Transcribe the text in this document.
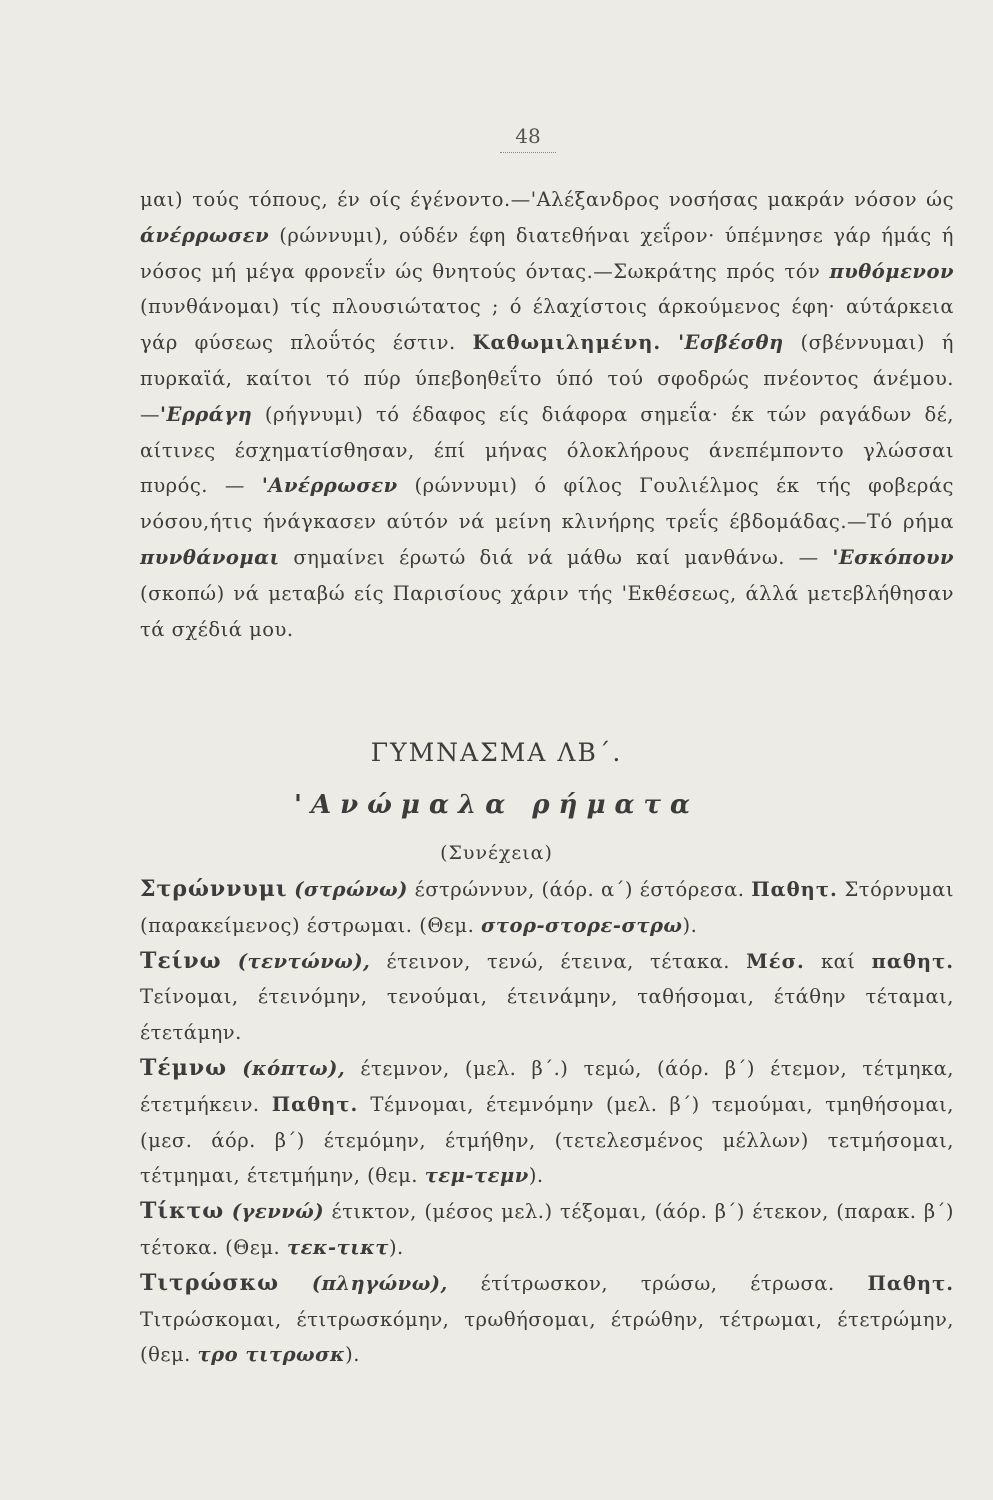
48

μαι) τούς τόπους, έν οίς έγένοντο.—'Αλέξανδρος νοσήσας μακράν νόσον ώς άνέρρωσεν (ρώννυμι), ούδέν έφη διατεθήναι χεΐρον· ύπέμνησε γάρ ήμάς ή νόσος μή μέγα φρονεΐν ώς θνητούς όντας.—Σωκράτης πρός τόν πυθόμενον (πυνθάνομαι) τίς πλουσιώτατος ; ό έλαχίστοις άρκούμενος έφη· αύτάρκεια γάρ φύσεως πλοΰτός έστιν. Καθωμιλημένη. 'Εσβέσθη (σβέννυμαι) ή πυρκαϊά, καίτοι τό πύρ ύπεβοηθεΐτο ύπό τού σφοδρώς πνέοντος άνέμου.—'Ερράγη (ρήγνυμι) τό έδαφος είς διάφορα σημεΐα· έκ τών ραγάδων δέ, αίτινες έσχηματίσθησαν, έπί μήνας όλοκλήρους άνεπέμποντο γλώσσαι πυρός. — 'Ανέρρωσεν (ρώννυμι) ό φίλος Γουλιέλμος έκ τής φοβεράς νόσου,ήτις ήνάγκασεν αύτόν νά μείνη κλινήρης τρεΐς έβδομάδας.—Τό ρήμα πυνθάνομαι σημαίνει έρωτώ διά νά μάθω καί μανθάνω. — 'Εσκόπουν (σκοπώ) νά μεταβώ είς Παρισίους χάριν τής 'Εκθέσεως, άλλά μετεβλήθησαν τά σχέδιά μου.

ΓΥΜΝΑΣΜΑ ΛΒ΄.
'Ανώμαλα ρήματα
(Συνέχεια)

Στρώννυμι (στρώνω) έστρώννυν, (άόρ. α΄) έστόρεσα. Παθητ. Στόρνυμαι (παρακείμενος) έστρωμαι. (Θεμ. στορ-στορε-στρω).
Τείνω (τεντώνω), έτεινον, τενώ, έτεινα, τέτακα. Μέσ. καί παθητ. Τείνομαι, έτεινόμην, τενούμαι, έτεινάμην, ταθήσομαι, έτάθην τέταμαι, έτετάμην.
Τέμνω (κόπτω), έτεμνον, (μελ. β΄.) τεμώ, (άόρ. β΄) έτεμον, τέτμηκα, έτετμήκειν. Παθητ. Τέμνομαι, έτεμνόμην (μελ. β΄) τεμούμαι, τμηθήσομαι, (μεσ. άόρ. β΄) έτεμόμην, έτμήθην, (τετελεσμένος μέλλων) τετμήσομαι, τέτμημαι, έτετμήμην, (θεμ. τεμ-τεμν).
Τίκτω (γεννώ) έτικτον, (μέσος μελ.) τέξομαι, (άόρ. β΄) έτεκον, (παρακ. β΄) τέτοκα. (Θεμ. τεκ-τικτ).
Τιτρώσκω (πληγώνω), έτίτρωσκον, τρώσω, έτρωσα. Παθητ. Τιτρώσκομαι, έτιτρωσκόμην, τρωθήσομαι, έτρώθην, τέτρωμαι, έτετρώμην, (θεμ. τρο τιτρωσκ).
